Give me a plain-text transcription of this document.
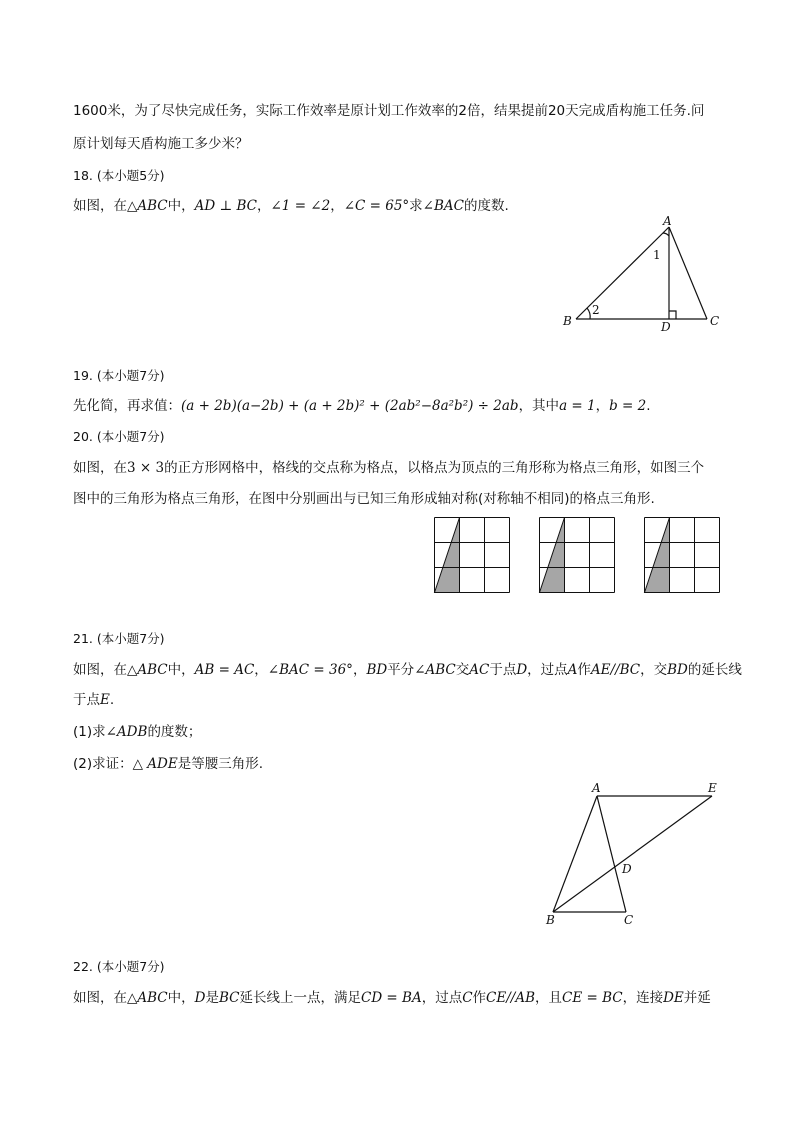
1600米，为了尽快完成任务，实际工作效率是原计划工作效率的2倍，结果提前20天完成盾构施工任务.问
原计划每天盾构施工多少米？
18. (本小题5分)
如图，在△ABC中，AD ⊥ BC，∠1 = ∠2，∠C = 65°求∠BAC的度数.
A
B	C
D
1
2
19. (本小题7分)
先化简，再求值：(a + 2b)(a−2b) + (a + 2b)² + (2ab²−8a²b²) ÷ 2ab，其中a = 1，b = 2.
20. (本小题7分)
如图，在3 × 3的正方形网格中，格线的交点称为格点，以格点为顶点的三角形称为格点三角形，如图三个
图中的三角形为格点三角形，在图中分别画出与已知三角形成轴对称(对称轴不相同)的格点三角形.
21. (本小题7分)
如图，在△ABC中，AB = AC，∠BAC = 36°，BD平分∠ABC交AC于点D，过点A作AE//BC，交BD的延长线
于点E.
(1)求∠ADB的度数；
(2)求证：△ ADE是等腰三角形.
A	E
D
B	C
22. (本小题7分)
如图，在△ABC中，D是BC延长线上一点，满足CD = BA，过点C作CE//AB，且CE = BC，连接DE并延
